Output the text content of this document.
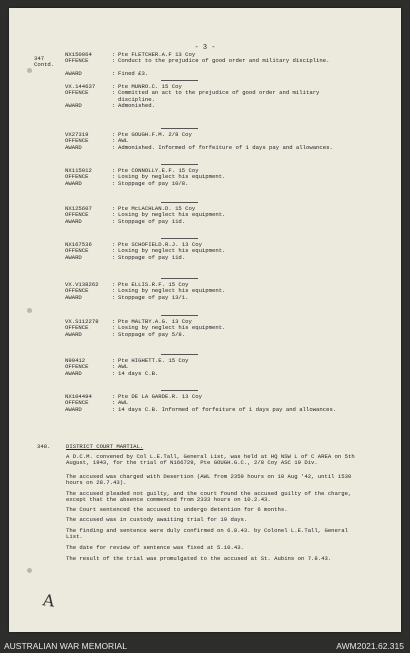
- 3 -
347
Contd.
NX150064	: Pte FLETCHER.A.F 13 Coy
OFFENCE	: Conduct to the prejudice of good order and military discipline.
AWARD	: Fined £3.
VX.144637	: Pte MUNRO.C. 15 Coy
OFFENCE	: Committed an act to the prejudice of good order and military discipline.
AWARD	: Admonished.
VX27319	: Pte GOUGH.F.M. 2/8 Coy
OFFENCE	: AWL
AWARD	: Admonished. Informed of forfeiture of 1 days pay and allowances.
NX115012	: Pte CONNOLLY.E.F. 15 Coy
OFFENCE	: Losing by neglect his equipment.
AWARD	: Stoppage of pay 10/8.
NX125607	: Pte McLACHLAN.D. 15 Coy
OFFENCE	: Losing by neglect his equipment.
AWARD	: Stoppage of pay 11d.
NX167536	: Pte SCHOFIELD.R.J. 13 Coy
OFFENCE	: Losing by neglect his equipment.
AWARD	: Stoppage of pay 11d.
VX.V138262 : Pte ELLIS.R.F. 15 Coy
OFFENCE	: Losing by neglect his equipment.
AWARD	: Stoppage of pay 13/1.
VX.S112278 : Pte MALTBY.A.G. 13 Coy
OFFENCE	: Losing by neglect his equipment.
AWARD	: Stoppage of pay 5/8.
N90412	: Pte HIGHETT.E. 15 Coy
OFFENCE	: AWL
AWARD	: 14 days C.B.
NX104494	: Pte DE LA GARDE.R. 13 Coy
OFFENCE	: AWL
AWARD	: 14 days C.B. Informed of forfeiture of 1 days pay and allowances.
348.	DISTRICT COURT MARTIAL.
A D.C.M. convened by Col L.E.Tall, General List, was held at HQ NSW L of C AREA on 5th August, 1943, for the trial of N166729, Pte GOUGH.G.C., 2/8 Coy ASC 10 Div.
The accused was charged with Desertion (AWL from 2359 hours on 10 Aug '42, until 1530 hours on 28.7.43).
The accused pleaded not guilty, and the court found the accused guilty of the charge, except that the absence commenced from 2333 hours on 10.2.43.
The Court sentenced the accused to undergo detention for 6 months.
The accused was in custody awaiting trial for 10 days.
The finding and sentence were duly confirmed on 6.8.43. by Colonel L.E.Tall, General List.
The date for review of sentence was fixed at 5.10.43.
The result of the trial was promulgated to the accused at St. Aubins on 7.8.43.
A
AUSTRALIAN WAR MEMORIAL	AWM2021.62.315
